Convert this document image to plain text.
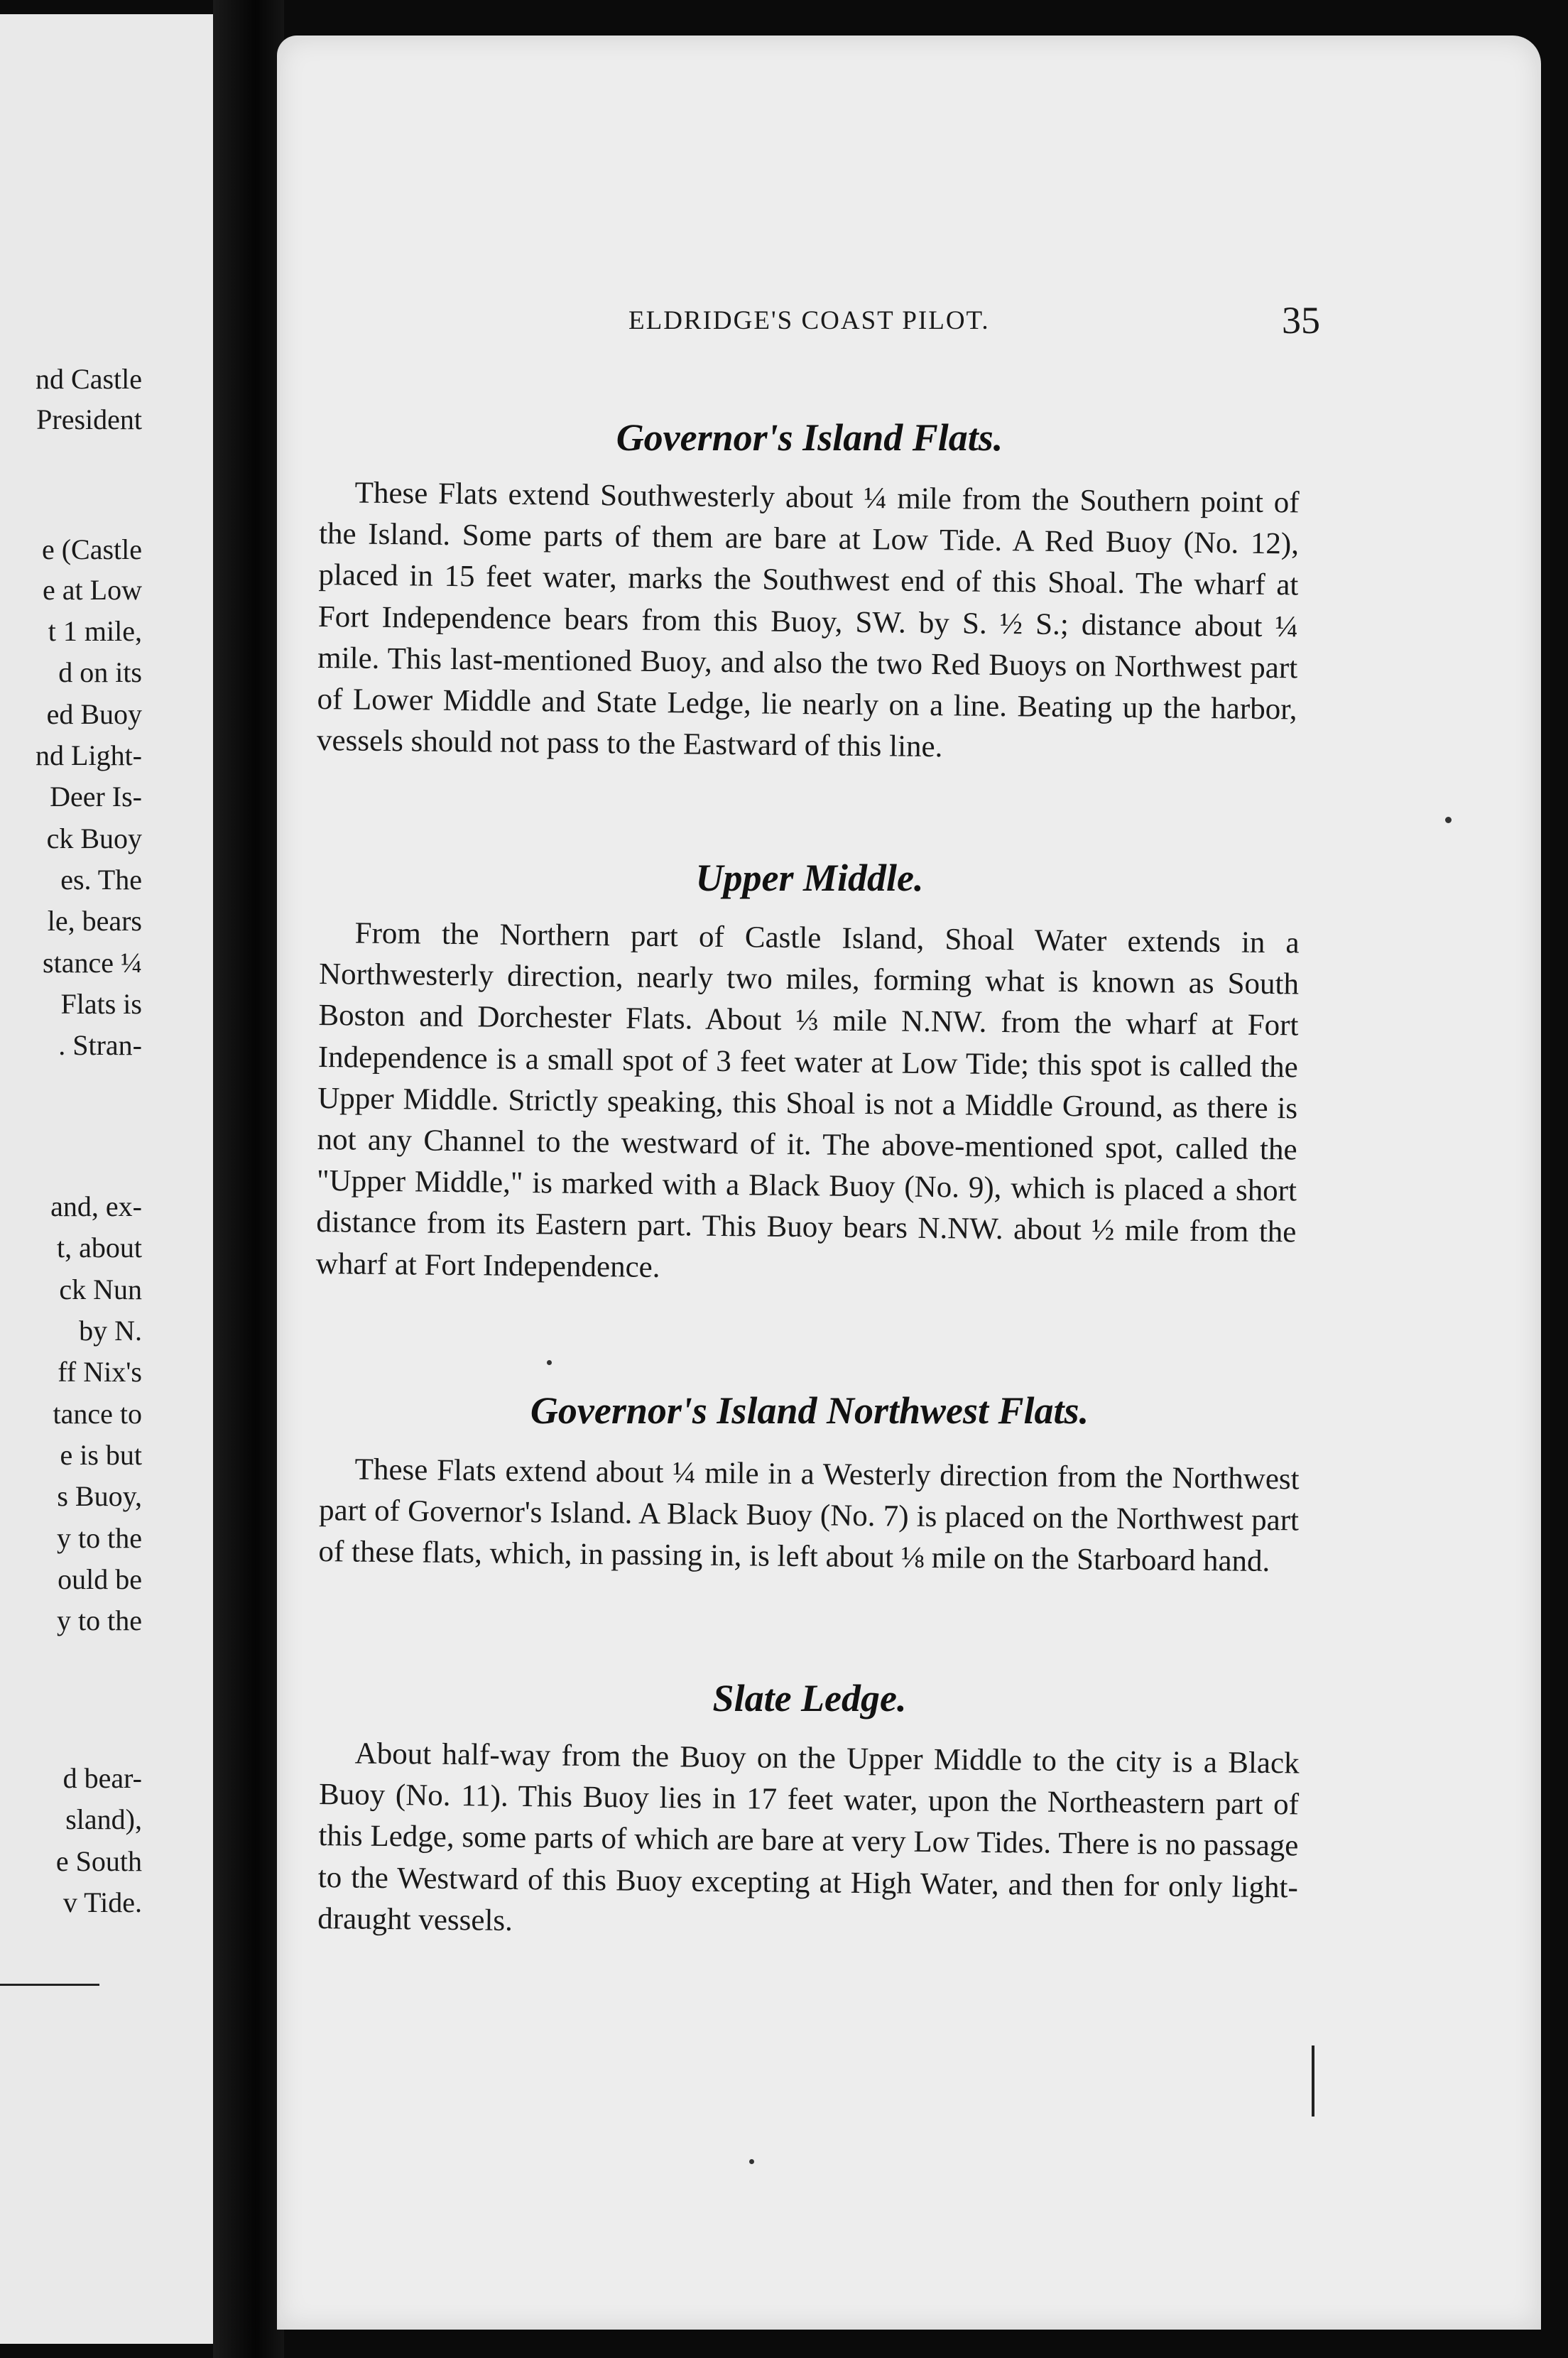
nd Castle
President
e (Castle
e at Low
t 1 mile,
d on its
ed Buoy
nd Light-
Deer Is-
ck Buoy
es. The
le, bears
stance ¼
Flats is
. Stran-
and, ex-
t, about
ck Nun
by N.
ff Nix's
tance to
e is but
s Buoy,
y to the
ould be
y to the
d bear-
sland),
e South
v Tide.
ELDRIDGE'S COAST PILOT.	35
Governor's Island Flats.

These Flats extend Southwesterly about ¼ mile from the Southern point of the Island. Some parts of them are bare at Low Tide. A Red Buoy (No. 12), placed in 15 feet water, marks the Southwest end of this Shoal. The wharf at Fort Independence bears from this Buoy, SW. by S. ½ S.; distance about ¼ mile. This last-mentioned Buoy, and also the two Red Buoys on Northwest part of Lower Middle and State Ledge, lie nearly on a line. Beating up the harbor, vessels should not pass to the Eastward of this line.

Upper Middle.

From the Northern part of Castle Island, Shoal Water extends in a Northwesterly direction, nearly two miles, forming what is known as South Boston and Dorchester Flats. About ⅓ mile N.NW. from the wharf at Fort Independence is a small spot of 3 feet water at Low Tide; this spot is called the Upper Middle. Strictly speaking, this Shoal is not a Middle Ground, as there is not any Channel to the westward of it. The above-mentioned spot, called the "Upper Middle," is marked with a Black Buoy (No. 9), which is placed a short distance from its Eastern part. This Buoy bears N.NW. about ½ mile from the wharf at Fort Independence.

Governor's Island Northwest Flats.

These Flats extend about ¼ mile in a Westerly direction from the Northwest part of Governor's Island. A Black Buoy (No. 7) is placed on the Northwest part of these flats, which, in passing in, is left about ⅛ mile on the Starboard hand.

Slate Ledge.

About half-way from the Buoy on the Upper Middle to the city is a Black Buoy (No. 11). This Buoy lies in 17 feet water, upon the Northeastern part of this Ledge, some parts of which are bare at very Low Tides. There is no passage to the Westward of this Buoy excepting at High Water, and then for only light-draught vessels.
